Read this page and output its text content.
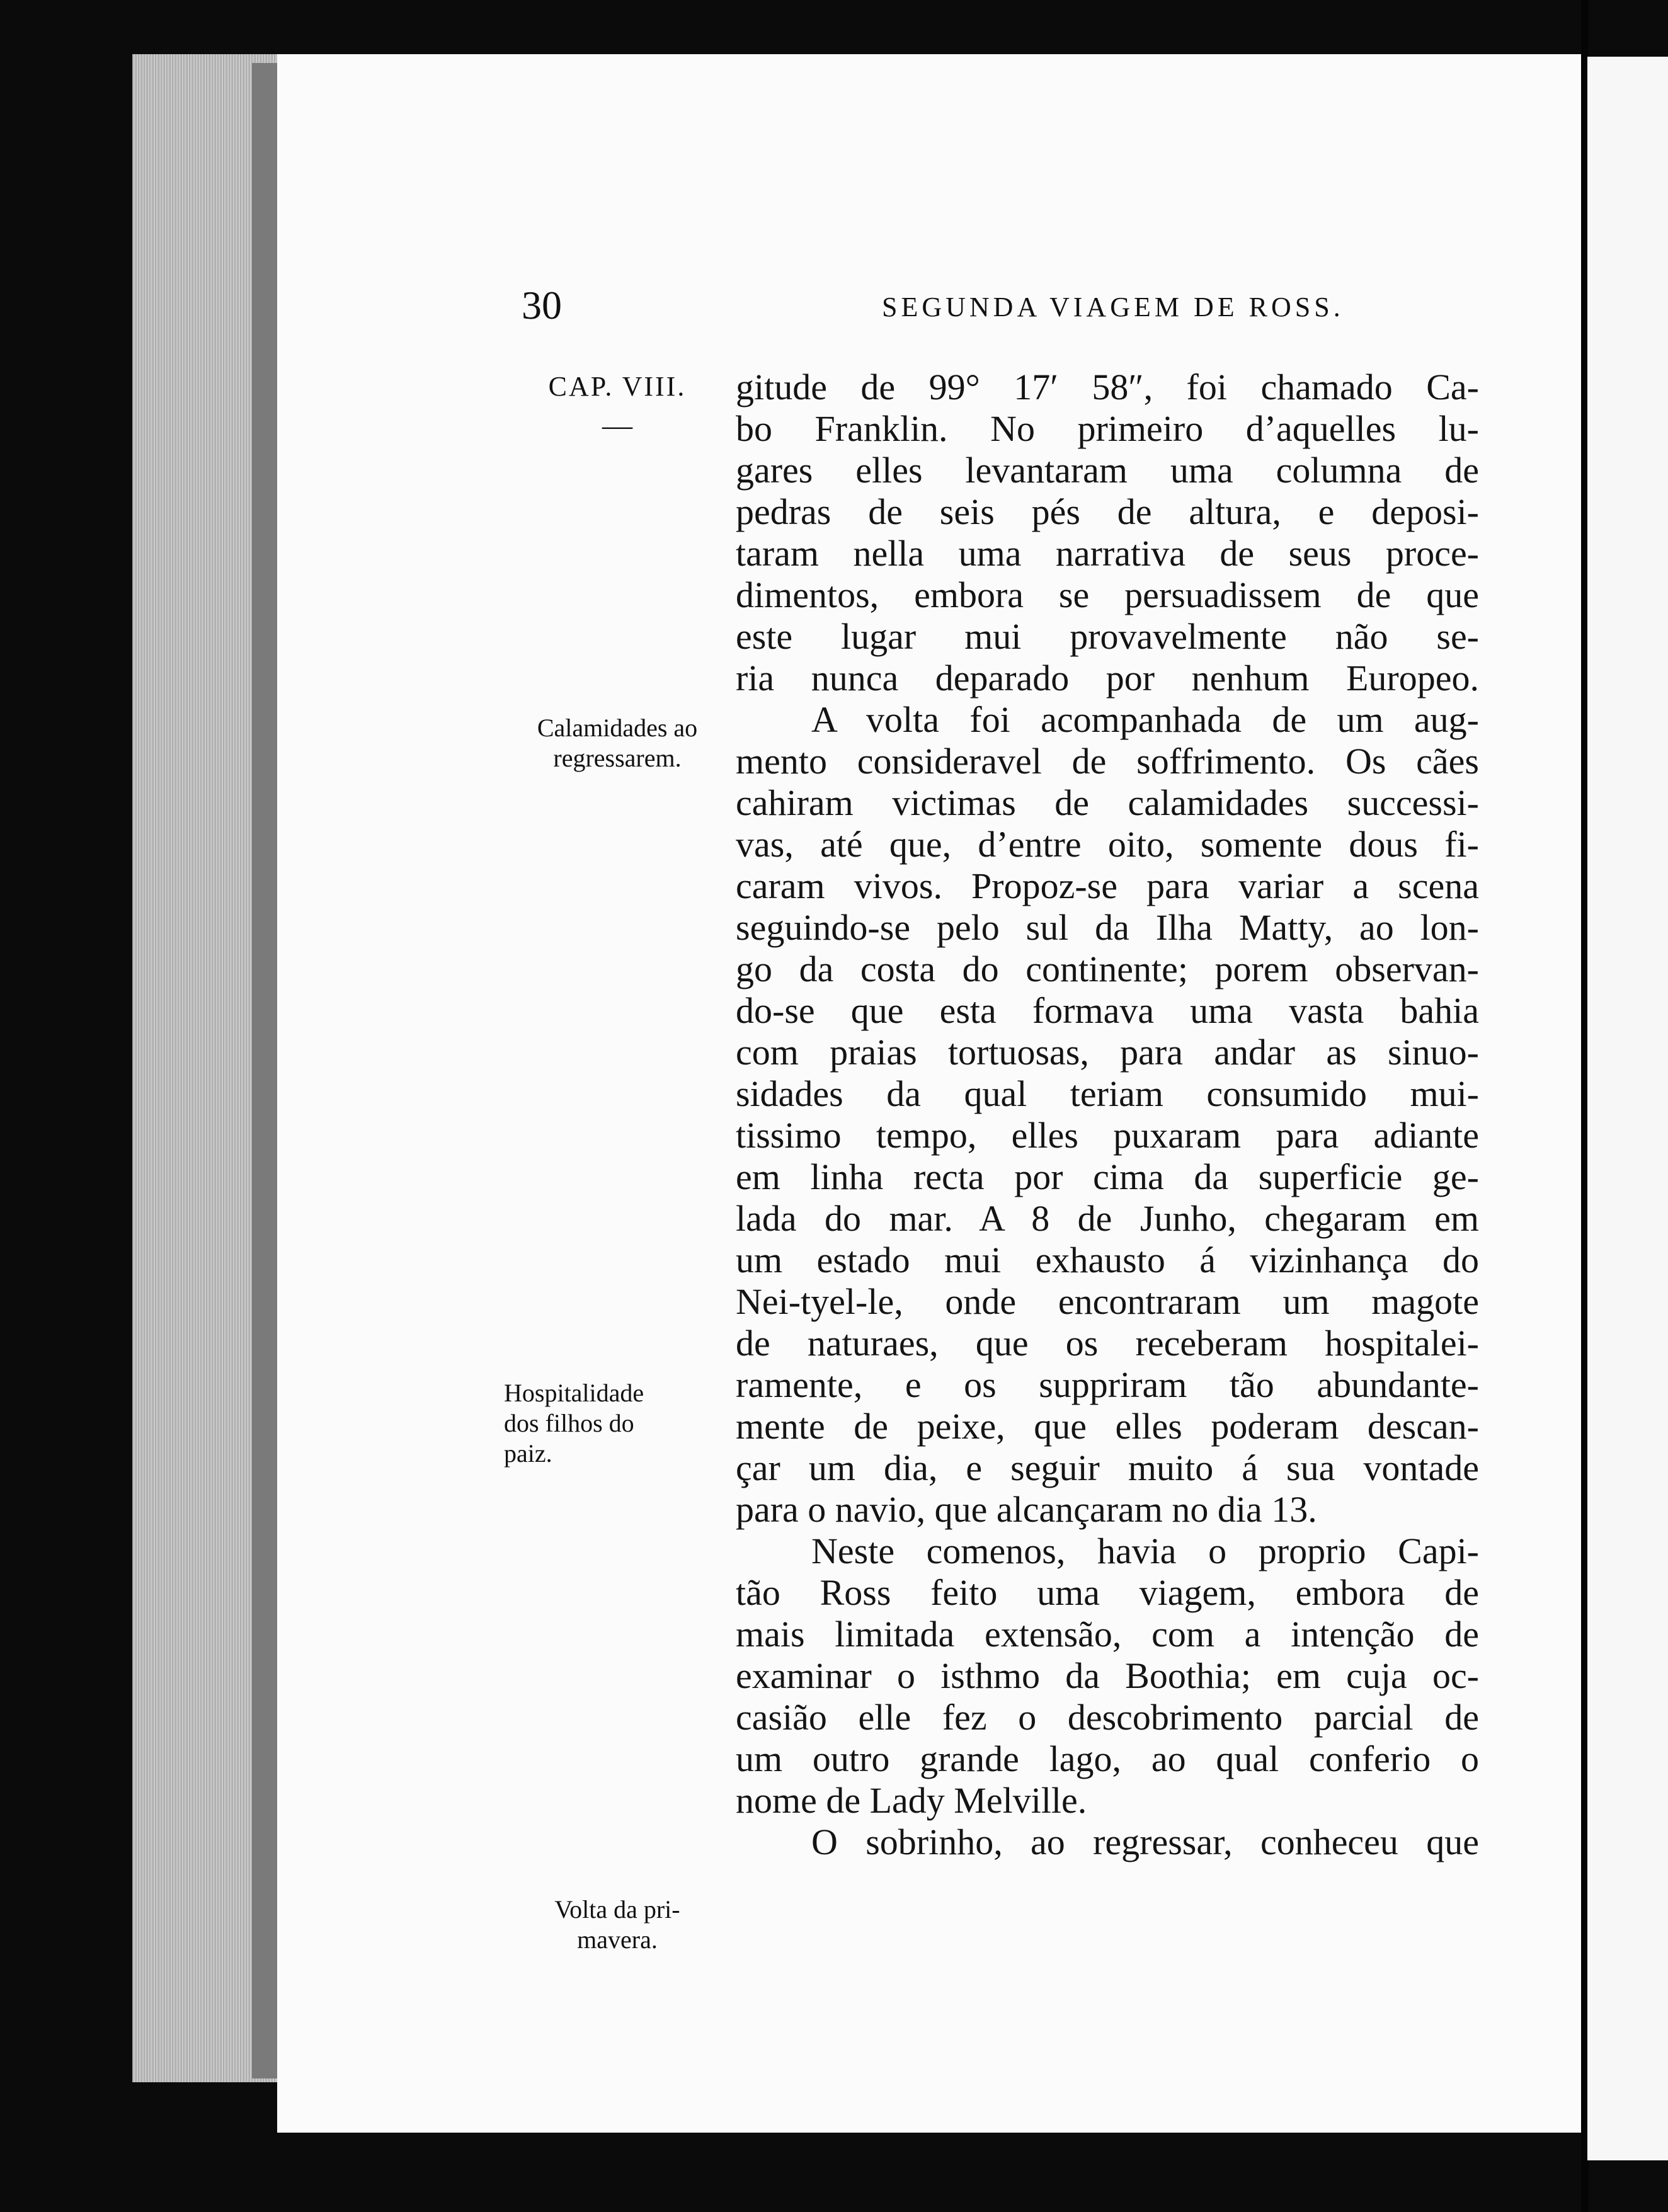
30	SEGUNDA VIAGEM DE ROSS.
CAP. VIII.
—
Calamidades ao
regressarem.
Hospitalidade
dos filhos do
paiz.
Volta da pri-
mavera.
gitude de 99° 17′ 58″, foi chamado Ca-
bo Franklin. No primeiro d’aquelles lu-
gares elles levantaram uma columna de
pedras de seis pés de altura, e deposi-
taram nella uma narrativa de seus proce-
dimentos, embora se persuadissem de que
este lugar mui provavelmente não se-
ria nunca deparado por nenhum Europeo.
A volta foi acompanhada de um aug-
mento consideravel de soffrimento. Os cães
cahiram victimas de calamidades successi-
vas, até que, d’entre oito, somente dous fi-
caram vivos. Propoz-se para variar a scena
seguindo-se pelo sul da Ilha Matty, ao lon-
go da costa do continente; porem observan-
do-se que esta formava uma vasta bahia
com praias tortuosas, para andar as sinuo-
sidades da qual teriam consumido mui-
tissimo tempo, elles puxaram para adiante
em linha recta por cima da superficie ge-
lada do mar. A 8 de Junho, chegaram em
um estado mui exhausto á vizinhança do
Nei-tyel-le, onde encontraram um magote
de naturaes, que os receberam hospitalei-
ramente, e os suppriram tão abundante-
mente de peixe, que elles poderam descan-
çar um dia, e seguir muito á sua vontade
para o navio, que alcançaram no dia 13.
Neste comenos, havia o proprio Capi-
tão Ross feito uma viagem, embora de
mais limitada extensão, com a intenção de
examinar o isthmo da Boothia; em cuja oc-
casião elle fez o descobrimento parcial de
um outro grande lago, ao qual conferio o
nome de Lady Melville.
O sobrinho, ao regressar, conheceu que
